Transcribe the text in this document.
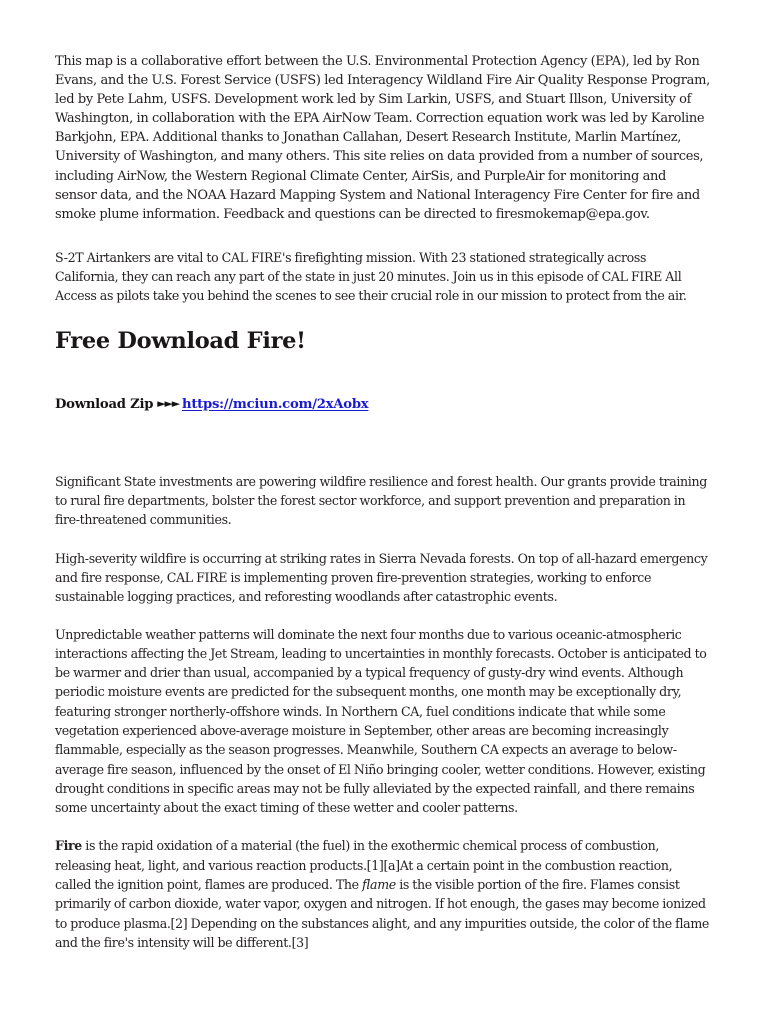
This map is a collaborative effort between the U.S. Environmental Protection Agency (EPA), led by Ron Evans, and the U.S. Forest Service (USFS) led Interagency Wildland Fire Air Quality Response Program, led by Pete Lahm, USFS. Development work led by Sim Larkin, USFS, and Stuart Illson, University of Washington, in collaboration with the EPA AirNow Team. Correction equation work was led by Karoline Barkjohn, EPA. Additional thanks to Jonathan Callahan, Desert Research Institute, Marlin Martínez, University of Washington, and many others. This site relies on data provided from a number of sources, including AirNow, the Western Regional Climate Center, AirSis, and PurpleAir for monitoring and sensor data, and the NOAA Hazard Mapping System and National Interagency Fire Center for fire and smoke plume information. Feedback and questions can be directed to firesmokemap@epa.gov.

S-2T Airtankers are vital to CAL FIRE's firefighting mission. With 23 stationed strategically across California, they can reach any part of the state in just 20 minutes. Join us in this episode of CAL FIRE All Access as pilots take you behind the scenes to see their crucial role in our mission to protect from the air.

Free Download Fire!
Download Zip ►►► https://mciun.com/2xAobx

Significant State investments are powering wildfire resilience and forest health. Our grants provide training to rural fire departments, bolster the forest sector workforce, and support prevention and preparation in fire-threatened communities.

High-severity wildfire is occurring at striking rates in Sierra Nevada forests. On top of all-hazard emergency and fire response, CAL FIRE is implementing proven fire-prevention strategies, working to enforce sustainable logging practices, and reforesting woodlands after catastrophic events.

Unpredictable weather patterns will dominate the next four months due to various oceanic-atmospheric interactions affecting the Jet Stream, leading to uncertainties in monthly forecasts. October is anticipated to be warmer and drier than usual, accompanied by a typical frequency of gusty-dry wind events. Although periodic moisture events are predicted for the subsequent months, one month may be exceptionally dry, featuring stronger northerly-offshore winds. In Northern CA, fuel conditions indicate that while some vegetation experienced above-average moisture in September, other areas are becoming increasingly flammable, especially as the season progresses. Meanwhile, Southern CA expects an average to below-average fire season, influenced by the onset of El Niño bringing cooler, wetter conditions. However, existing drought conditions in specific areas may not be fully alleviated by the expected rainfall, and there remains some uncertainty about the exact timing of these wetter and cooler patterns.

Fire is the rapid oxidation of a material (the fuel) in the exothermic chemical process of combustion, releasing heat, light, and various reaction products.[1][a]At a certain point in the combustion reaction, called the ignition point, flames are produced. The flame is the visible portion of the fire. Flames consist primarily of carbon dioxide, water vapor, oxygen and nitrogen. If hot enough, the gases may become ionized to produce plasma.[2] Depending on the substances alight, and any impurities outside, the color of the flame and the fire's intensity will be different.[3]
